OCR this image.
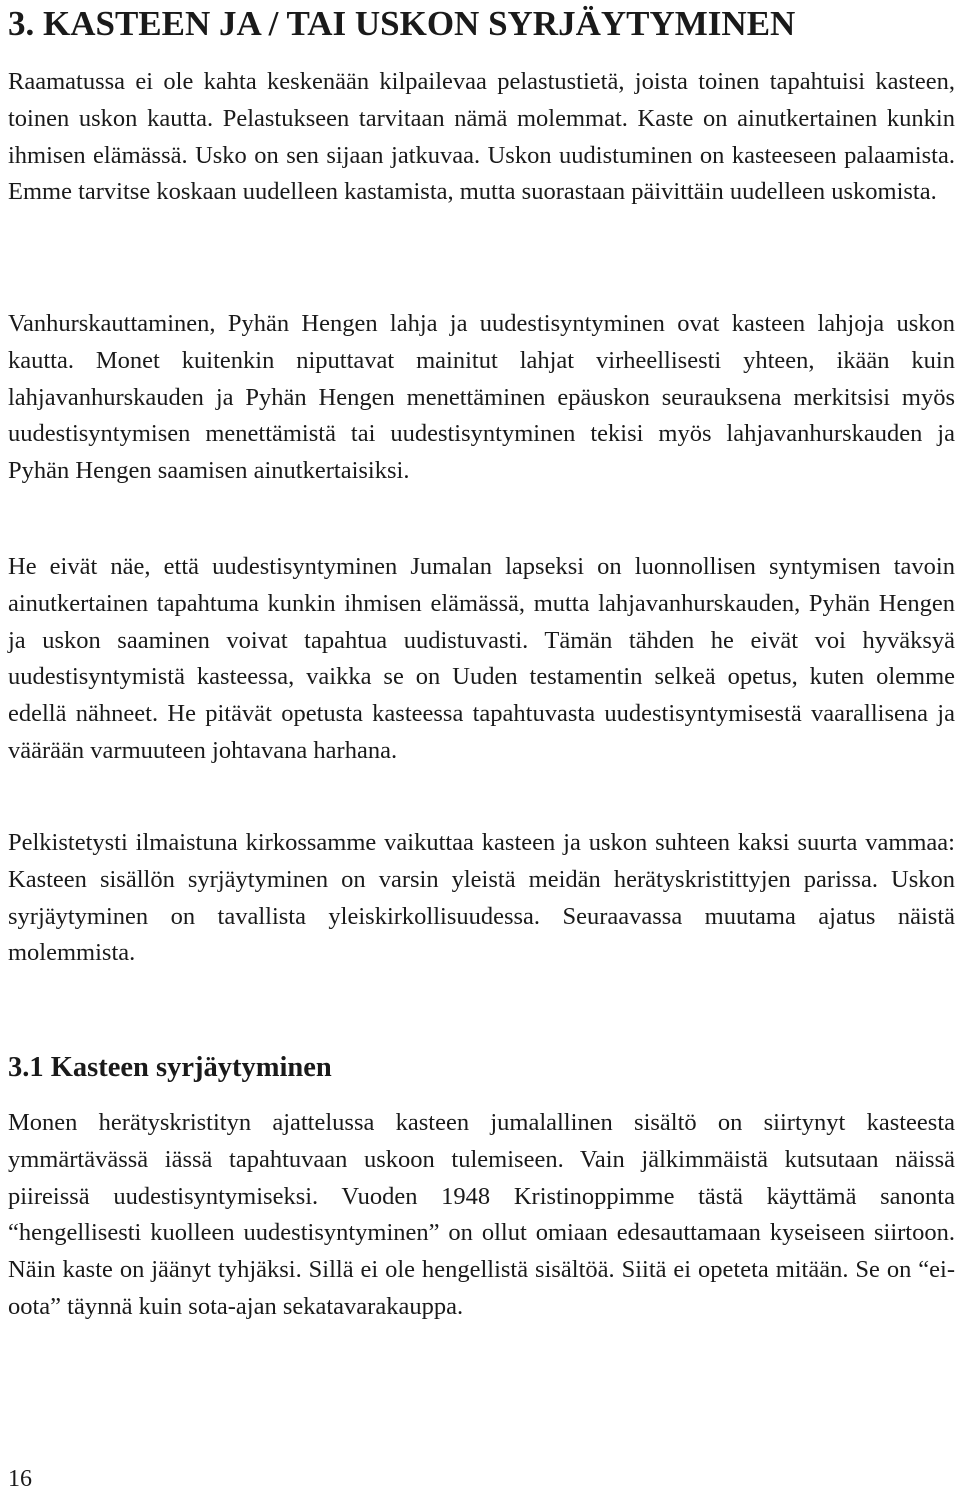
3. KASTEEN JA / TAI USKON SYRJÄYTYMINEN

Raamatussa ei ole kahta keskenään kilpailevaa pelastustietä, joista toinen tapahtuisi kasteen, toinen uskon kautta. Pelastukseen tarvitaan nämä molemmat. Kaste on ainutkertainen kunkin ihmisen elämässä. Usko on sen sijaan jatkuvaa. Uskon uudistuminen on kasteeseen palaamista. Emme tarvitse koskaan uudelleen kastamista, mutta suorastaan päivittäin uudelleen uskomista.

Vanhurskauttaminen, Pyhän Hengen lahja ja uudestisyntyminen ovat kasteen lahjoja uskon kautta. Monet kuitenkin niputtavat mainitut lahjat virheellisesti yhteen, ikään kuin lahjavanhurskauden ja Pyhän Hengen menettäminen epäuskon seurauksena merkitsisi myös uudestisyntymisen menettämistä tai uudestisyntyminen tekisi myös lahjavanhurskauden ja Pyhän Hengen saamisen ainutkertaisiksi.

He eivät näe, että uudestisyntyminen Jumalan lapseksi on luonnollisen syntymisen tavoin ainutkertainen tapahtuma kunkin ihmisen elämässä, mutta lahjavanhurskauden, Pyhän Hengen ja uskon saaminen voivat tapahtua uudistuvasti. Tämän tähden he eivät voi hyväksyä uudestisyntymistä kasteessa, vaikka se on Uuden testamentin selkeä opetus, kuten olemme edellä nähneet. He pitävät opetusta kasteessa tapahtuvasta uudestisyntymisestä vaarallisena ja väärään varmuuteen johtavana harhana.

Pelkistetysti ilmaistuna kirkossamme vaikuttaa kasteen ja uskon suhteen kaksi suurta vammaa: Kasteen sisällön syrjäytyminen on varsin yleistä meidän herätyskristittyjen parissa. Uskon syrjäytyminen on tavallista yleiskirkollisuudessa. Seuraavassa muutama ajatus näistä molemmista.

3.1 Kasteen syrjäytyminen

Monen herätyskristityn ajattelussa kasteen jumalallinen sisältö on siirtynyt kasteesta ymmärtävässä iässä tapahtuvaan uskoon tulemiseen. Vain jälkimmäistä kutsutaan näissä piireissä uudestisyntymiseksi. Vuoden 1948 Kristinoppimme tästä käyttämä sanonta “hengellisesti kuolleen uudestisyntyminen” on ollut omiaan edesauttamaan kyseiseen siirtoon. Näin kaste on jäänyt tyhjäksi. Sillä ei ole hengellistä sisältöä. Siitä ei opeteta mitään. Se on “ei-oota” täynnä kuin sota-ajan sekatavarakauppa.

16
